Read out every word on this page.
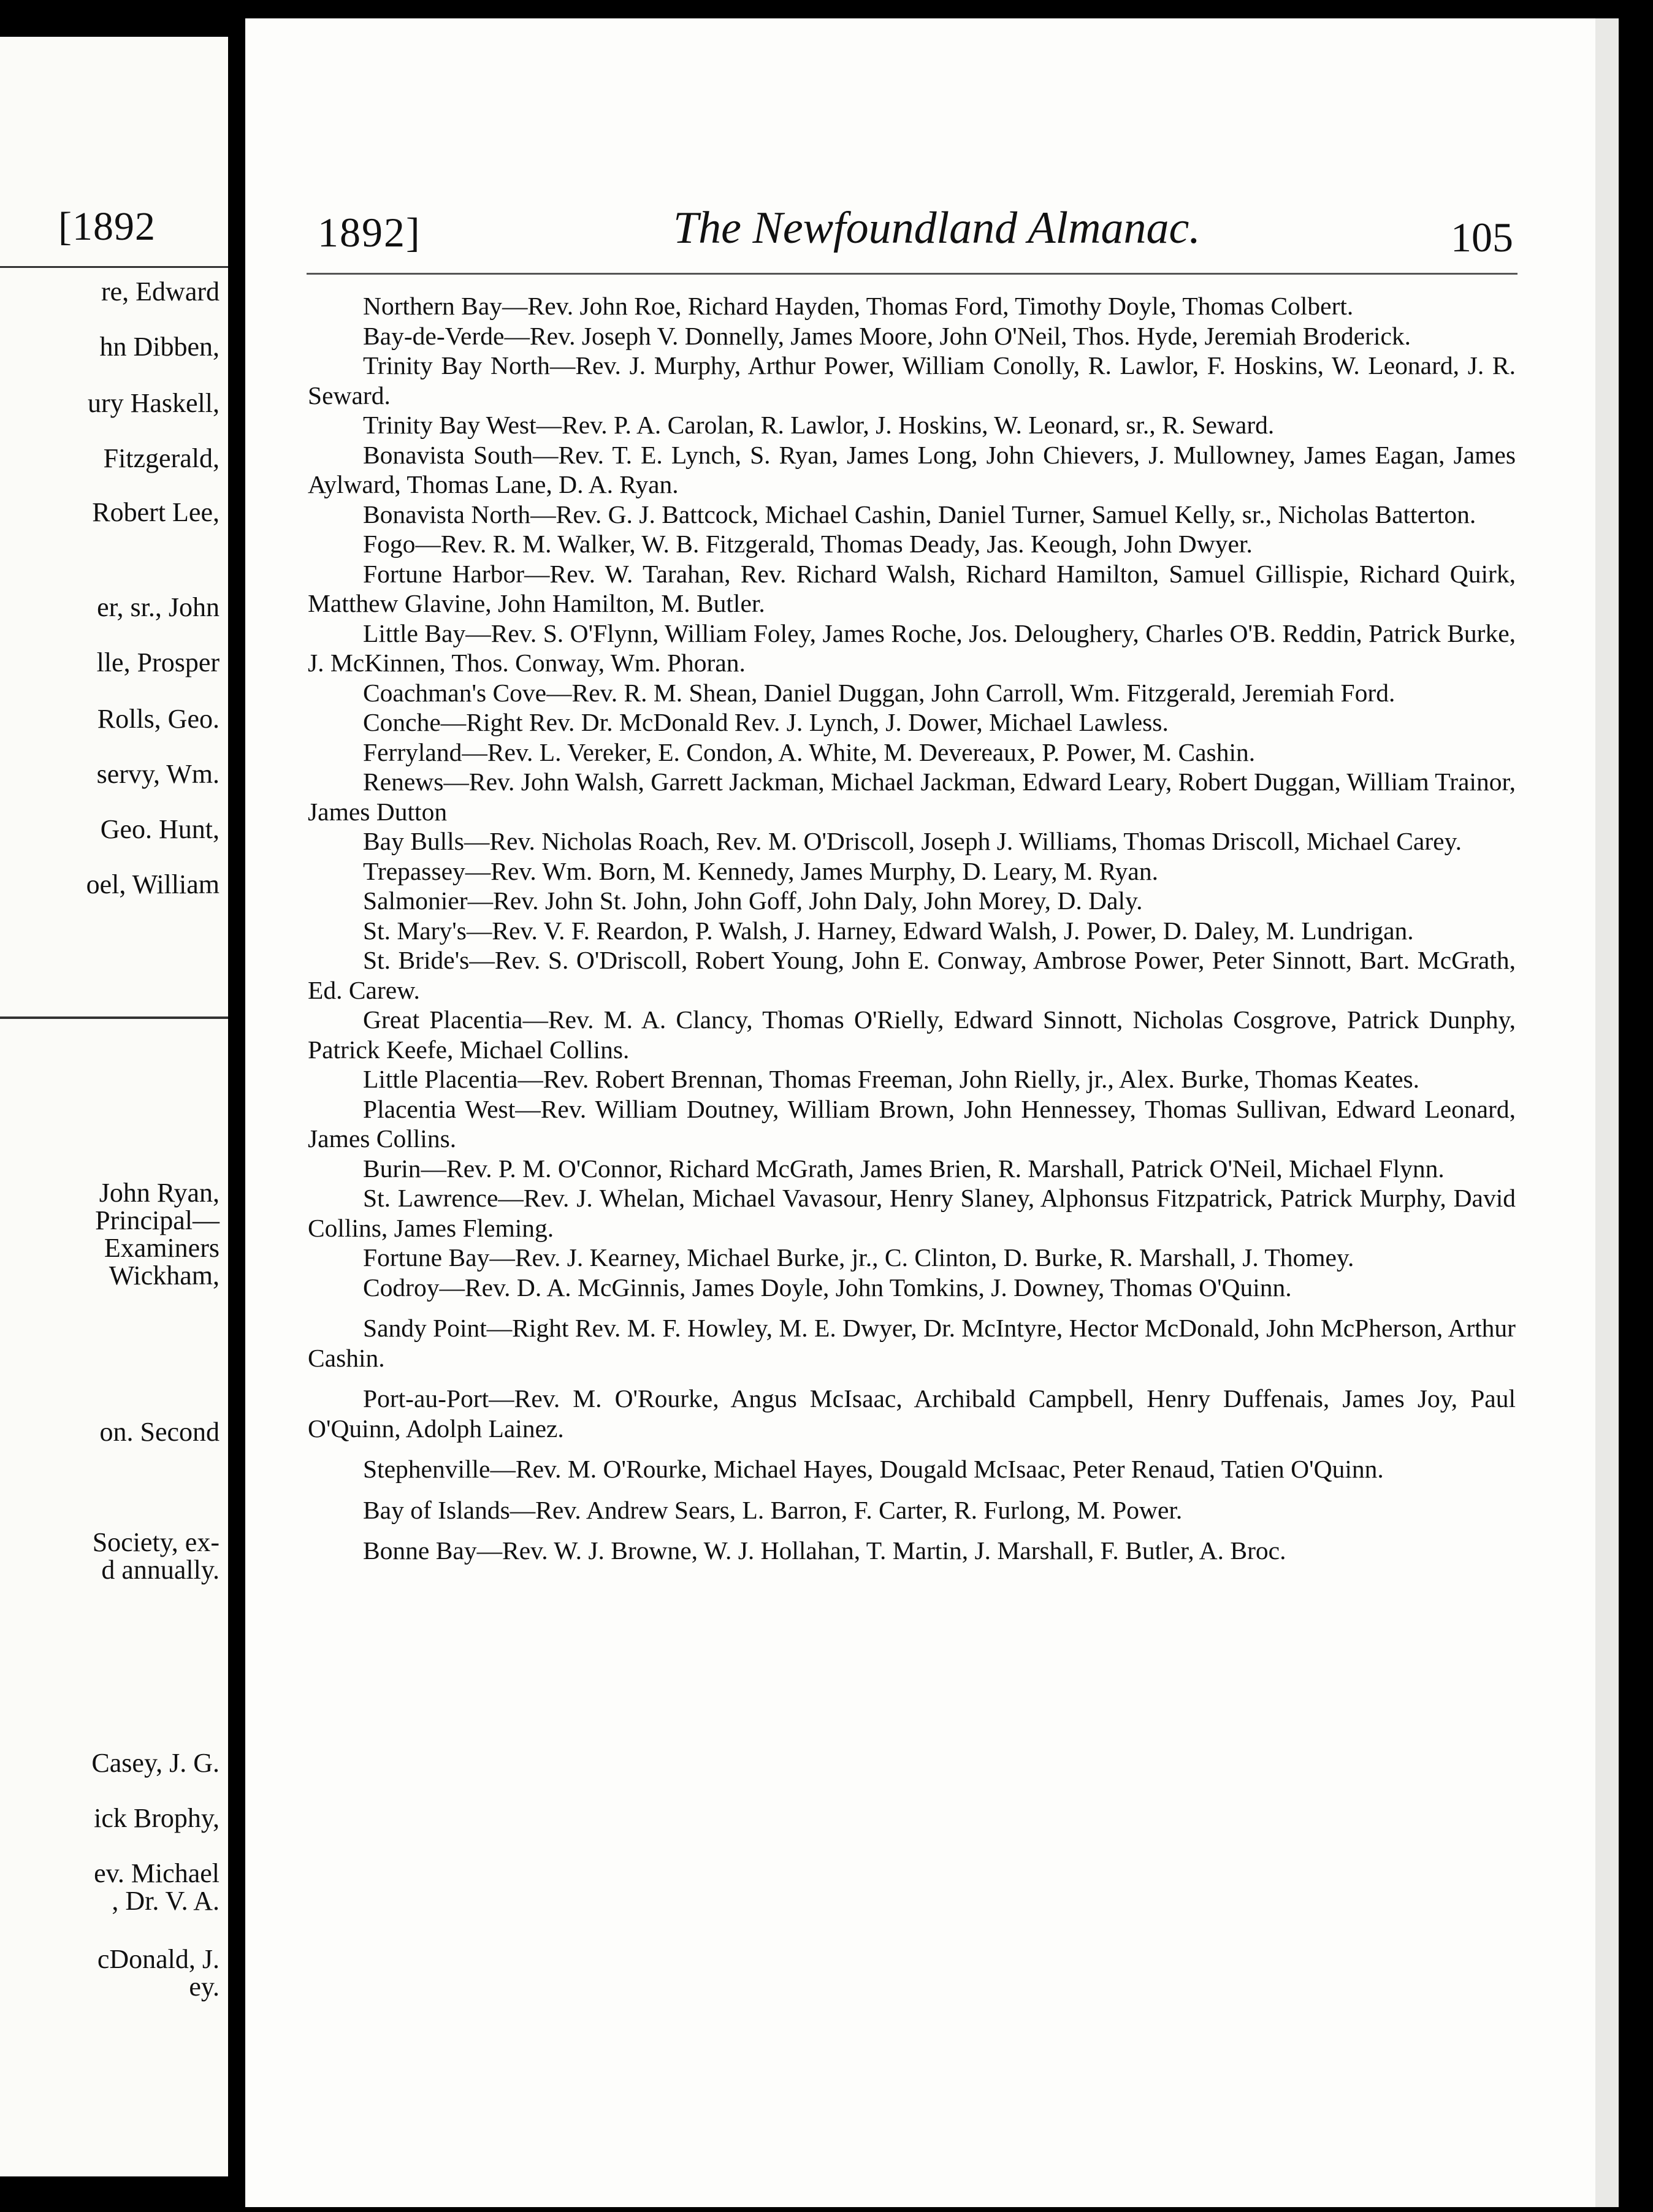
[1892
re, Edward
hn Dibben,
ury Haskell,
Fitzgerald,
Robert Lee,
er, sr., John
lle, Prosper
Rolls, Geo.
servy, Wm.
Geo. Hunt,
oel, William
John Ryan,
Principal—
Examiners
Wickham,
on. Second
Society, ex-
d annually.
Casey, J. G.
ick Brophy,
ev. Michael
, Dr. V. A.
cDonald, J.
ey.
1892]	The Newfoundland Almanac.	105
Northern Bay—Rev. John Roe, Richard Hayden, Thomas Ford, Timothy Doyle, Thomas Colbert.
Bay-de-Verde—Rev. Joseph V. Donnelly, James Moore, John O'Neil, Thos. Hyde, Jeremiah Broderick.
Trinity Bay North—Rev. J. Murphy, Arthur Power, William Conolly, R. Lawlor, F. Hoskins, W. Leonard, J. R. Seward.
Trinity Bay West—Rev. P. A. Carolan, R. Lawlor, J. Hoskins, W. Leonard, sr., R. Seward.
Bonavista South—Rev. T. E. Lynch, S. Ryan, James Long, John Chievers, J. Mullowney, James Eagan, James Aylward, Thomas Lane, D. A. Ryan.
Bonavista North—Rev. G. J. Battcock, Michael Cashin, Daniel Turner, Samuel Kelly, sr., Nicholas Batterton.
Fogo—Rev. R. M. Walker, W. B. Fitzgerald, Thomas Deady, Jas. Keough, John Dwyer.
Fortune Harbor—Rev. W. Tarahan, Rev. Richard Walsh, Richard Hamilton, Samuel Gillispie, Richard Quirk, Matthew Glavine, John Hamilton, M. Butler.
Little Bay—Rev. S. O'Flynn, William Foley, James Roche, Jos. Deloughery, Charles O'B. Reddin, Patrick Burke, J. McKinnen, Thos. Conway, Wm. Phoran.
Coachman's Cove—Rev. R. M. Shean, Daniel Duggan, John Carroll, Wm. Fitzgerald, Jeremiah Ford.
Conche—Right Rev. Dr. McDonald Rev. J. Lynch, J. Dower, Michael Lawless.
Ferryland—Rev. L. Vereker, E. Condon, A. White, M. Devereaux, P. Power, M. Cashin.
Renews—Rev. John Walsh, Garrett Jackman, Michael Jackman, Edward Leary, Robert Duggan, William Trainor, James Dutton
Bay Bulls—Rev. Nicholas Roach, Rev. M. O'Driscoll, Joseph J. Williams, Thomas Driscoll, Michael Carey.
Trepassey—Rev. Wm. Born, M. Kennedy, James Murphy, D. Leary, M. Ryan.
Salmonier—Rev. John St. John, John Goff, John Daly, John Morey, D. Daly.
St. Mary's—Rev. V. F. Reardon, P. Walsh, J. Harney, Edward Walsh, J. Power, D. Daley, M. Lundrigan.
St. Bride's—Rev. S. O'Driscoll, Robert Young, John E. Conway, Ambrose Power, Peter Sinnott, Bart. McGrath, Ed. Carew.
Great Placentia—Rev. M. A. Clancy, Thomas O'Rielly, Edward Sinnott, Nicholas Cosgrove, Patrick Dunphy, Patrick Keefe, Michael Collins.
Little Placentia—Rev. Robert Brennan, Thomas Freeman, John Rielly, jr., Alex. Burke, Thomas Keates.
Placentia West—Rev. William Doutney, William Brown, John Hennessey, Thomas Sullivan, Edward Leonard, James Collins.
Burin—Rev. P. M. O'Connor, Richard McGrath, James Brien, R. Marshall, Patrick O'Neil, Michael Flynn.
St. Lawrence—Rev. J. Whelan, Michael Vavasour, Henry Slaney, Alphonsus Fitzpatrick, Patrick Murphy, David Collins, James Fleming.
Fortune Bay—Rev. J. Kearney, Michael Burke, jr., C. Clinton, D. Burke, R. Marshall, J. Thomey.
Codroy—Rev. D. A. McGinnis, James Doyle, John Tomkins, J. Downey, Thomas O'Quinn.
Sandy Point—Right Rev. M. F. Howley, M. E. Dwyer, Dr. McIntyre, Hector McDonald, John McPherson, Arthur Cashin.
Port-au-Port—Rev. M. O'Rourke, Angus McIsaac, Archibald Campbell, Henry Duffenais, James Joy, Paul O'Quinn, Adolph Lainez.
Stephenville—Rev. M. O'Rourke, Michael Hayes, Dougald McIsaac, Peter Renaud, Tatien O'Quinn.
Bay of Islands—Rev. Andrew Sears, L. Barron, F. Carter, R. Furlong, M. Power.
Bonne Bay—Rev. W. J. Browne, W. J. Hollahan, T. Martin, J. Marshall, F. Butler, A. Broc.
